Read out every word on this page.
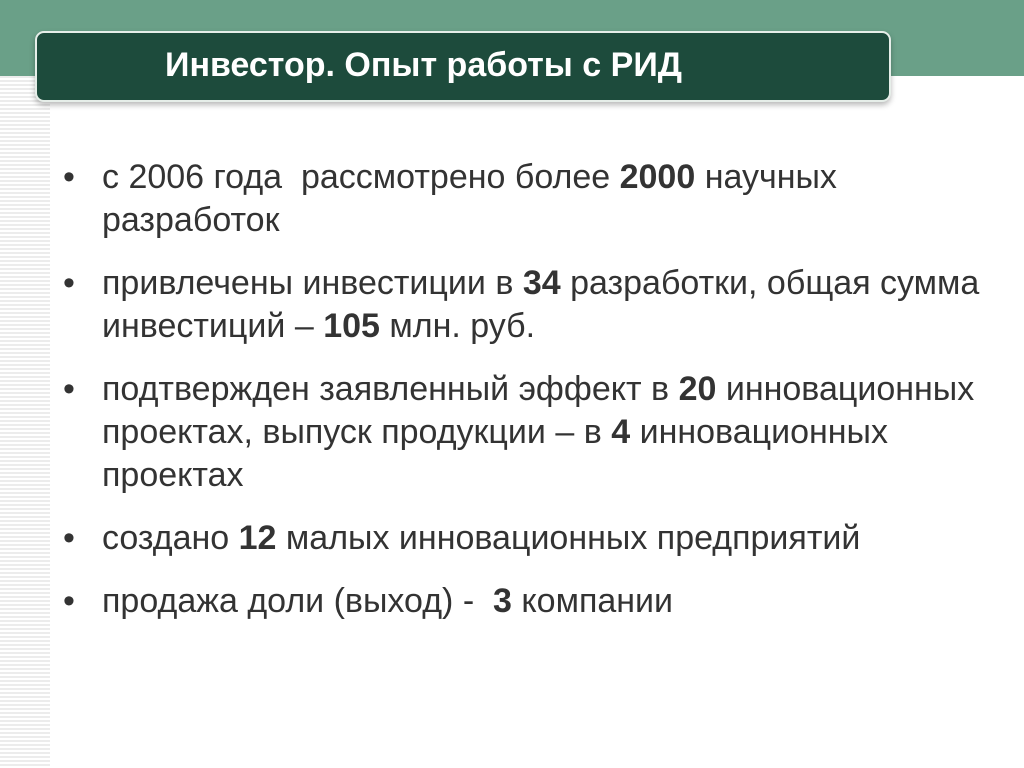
Инвестор. Опыт работы с РИД
• с 2006 года  рассмотрено более 2000 научных разработок
• привлечены инвестиции в 34 разработки, общая сумма инвестиций – 105 млн. руб.
• подтвержден заявленный эффект в 20 инновационных проектах, выпуск продукции – в 4 инновационных проектах
• создано 12 малых инновационных предприятий
• продажа доли (выход) -  3 компании
